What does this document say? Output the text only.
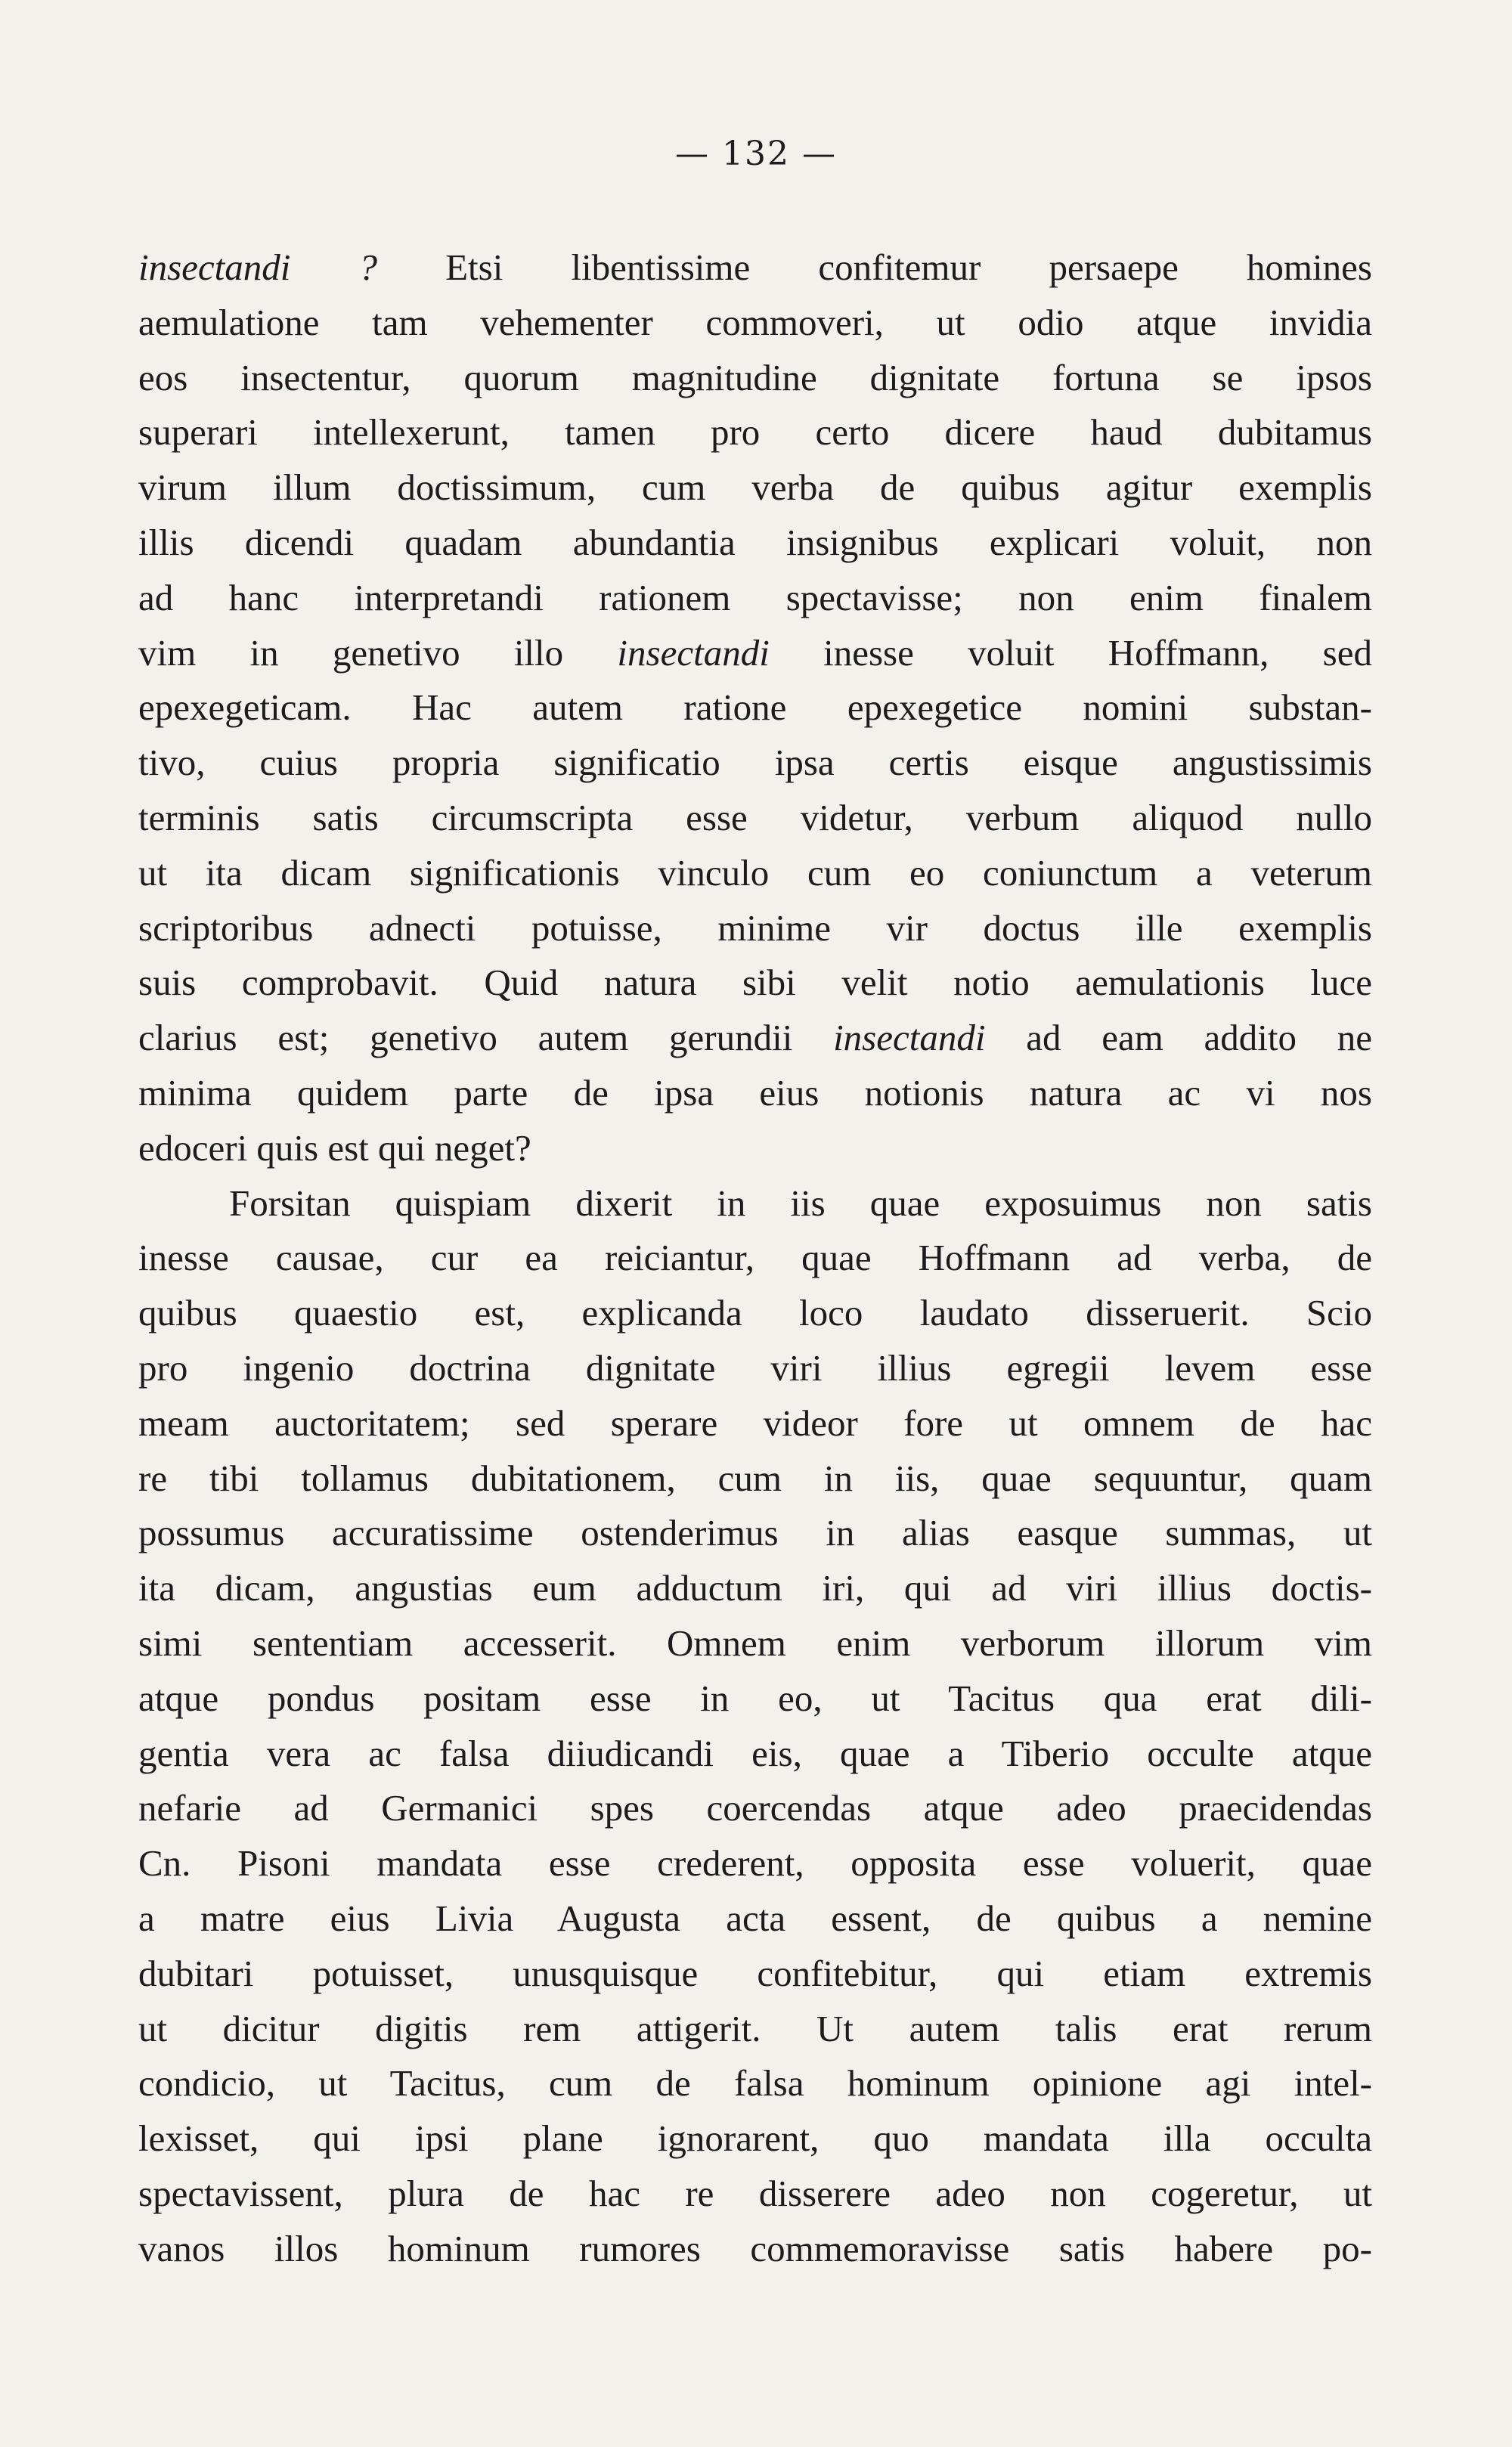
— 132 —
insectandi ? Etsi libentissime confitemur persaepe homines
aemulatione tam vehementer commoveri, ut odio atque invidia
eos insectentur, quorum magnitudine dignitate fortuna se ipsos
superari intellexerunt, tamen pro certo dicere haud dubitamus
virum illum doctissimum, cum verba de quibus agitur exemplis
illis dicendi quadam abundantia insignibus explicari voluit, non
ad hanc interpretandi rationem spectavisse; non enim finalem
vim in genetivo illo insectandi inesse voluit Hoffmann, sed
epexegeticam. Hac autem ratione epexegetice nomini substan-
tivo, cuius propria significatio ipsa certis eisque angustissimis
terminis satis circumscripta esse videtur, verbum aliquod nullo
ut ita dicam significationis vinculo cum eo coniunctum a veterum
scriptoribus adnecti potuisse, minime vir doctus ille exemplis
suis comprobavit. Quid natura sibi velit notio aemulationis luce
clarius est; genetivo autem gerundii insectandi ad eam addito ne
minima quidem parte de ipsa eius notionis natura ac vi nos
edoceri quis est qui neget?
Forsitan quispiam dixerit in iis quae exposuimus non satis
inesse causae, cur ea reiciantur, quae Hoffmann ad verba, de
quibus quaestio est, explicanda loco laudato disseruerit. Scio
pro ingenio doctrina dignitate viri illius egregii levem esse
meam auctoritatem; sed sperare videor fore ut omnem de hac
re tibi tollamus dubitationem, cum in iis, quae sequuntur, quam
possumus accuratissime ostenderimus in alias easque summas, ut
ita dicam, angustias eum adductum iri, qui ad viri illius doctis-
simi sententiam accesserit. Omnem enim verborum illorum vim
atque pondus positam esse in eo, ut Tacitus qua erat dili-
gentia vera ac falsa diiudicandi eis, quae a Tiberio occulte atque
nefarie ad Germanici spes coercendas atque adeo praecidendas
Cn. Pisoni mandata esse crederent, opposita esse voluerit, quae
a matre eius Livia Augusta acta essent, de quibus a nemine
dubitari potuisset, unusquisque confitebitur, qui etiam extremis
ut dicitur digitis rem attigerit. Ut autem talis erat rerum
condicio, ut Tacitus, cum de falsa hominum opinione agi intel-
lexisset, qui ipsi plane ignorarent, quo mandata illa occulta
spectavissent, plura de hac re disserere adeo non cogeretur, ut
vanos illos hominum rumores commemoravisse satis habere po-
